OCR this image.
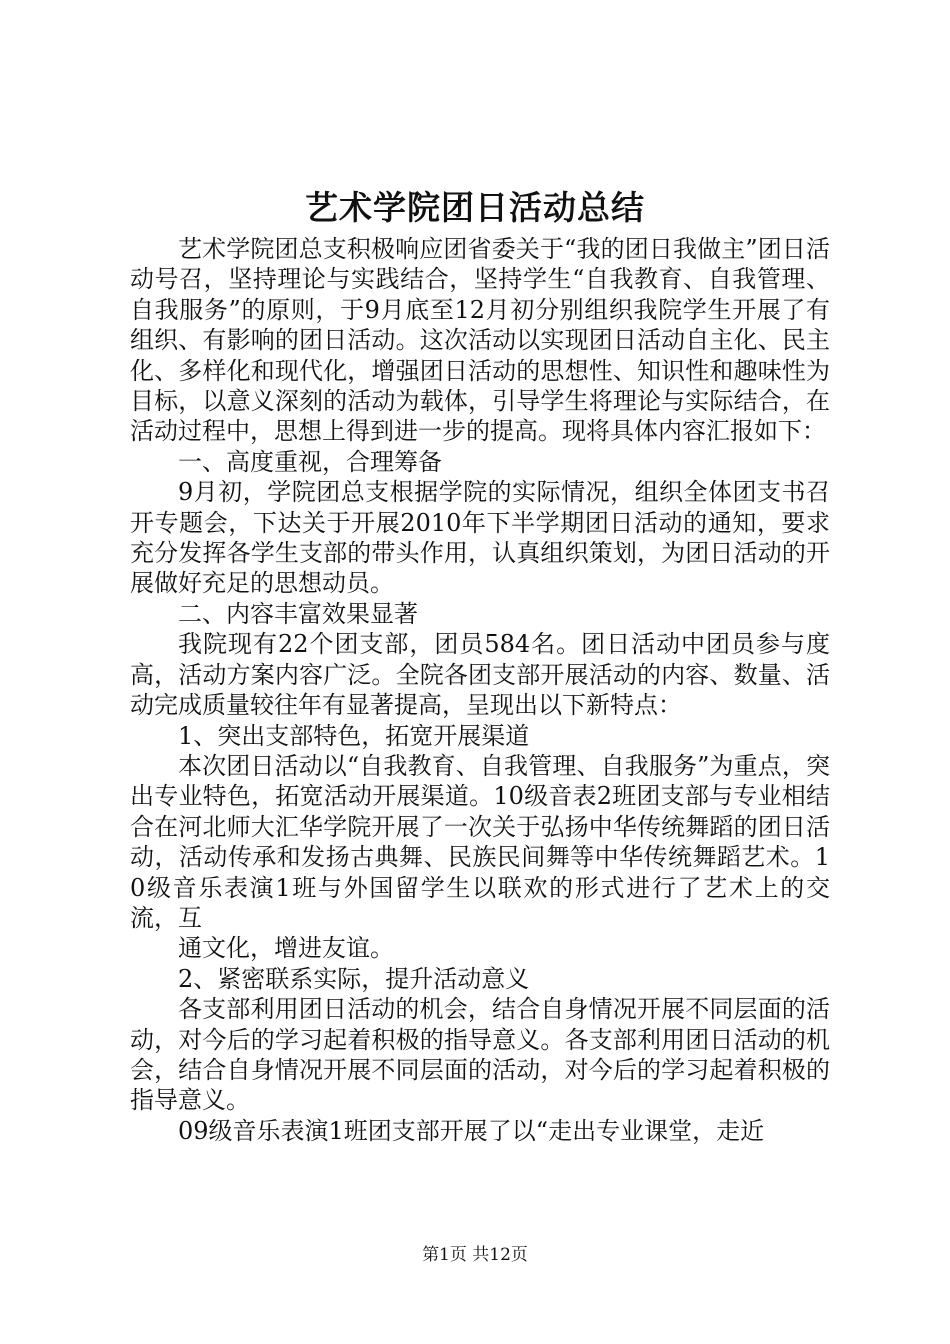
艺术学院团日活动总结

艺术学院团总支积极响应团省委关于“我的团日我做主”团日活动号召，坚持理论与实践结合，坚持学生“自我教育、自我管理、自我服务”的原则，于9月底至12月初分别组织我院学生开展了有组织、有影响的团日活动。这次活动以实现团日活动自主化、民主化、多样化和现代化，增强团日活动的思想性、知识性和趣味性为目标，以意义深刻的活动为载体，引导学生将理论与实际结合，在活动过程中，思想上得到进一步的提高。现将具体内容汇报如下：

一、高度重视，合理筹备

9月初，学院团总支根据学院的实际情况，组织全体团支书召开专题会，下达关于开展2010年下半学期团日活动的通知，要求充分发挥各学生支部的带头作用，认真组织策划，为团日活动的开展做好充足的思想动员。

二、内容丰富效果显著

我院现有22个团支部，团员584名。团日活动中团员参与度高，活动方案内容广泛。全院各团支部开展活动的内容、数量、活动完成质量较往年有显著提高，呈现出以下新特点：

1、突出支部特色，拓宽开展渠道

本次团日活动以“自我教育、自我管理、自我服务”为重点，突出专业特色，拓宽活动开展渠道。10级音表2班团支部与专业相结合在河北师大汇华学院开展了一次关于弘扬中华传统舞蹈的团日活动，活动传承和发扬古典舞、民族民间舞等中华传统舞蹈艺术。10级音乐表演1班与外国留学生以联欢的形式进行了艺术上的交流，互

通文化，增进友谊。

2、紧密联系实际，提升活动意义

各支部利用团日活动的机会，结合自身情况开展不同层面的活动，对今后的学习起着积极的指导意义。各支部利用团日活动的机会，结合自身情况开展不同层面的活动，对今后的学习起着积极的指导意义。

09级音乐表演1班团支部开展了以“走出专业课堂，走近

第1页 共12页
